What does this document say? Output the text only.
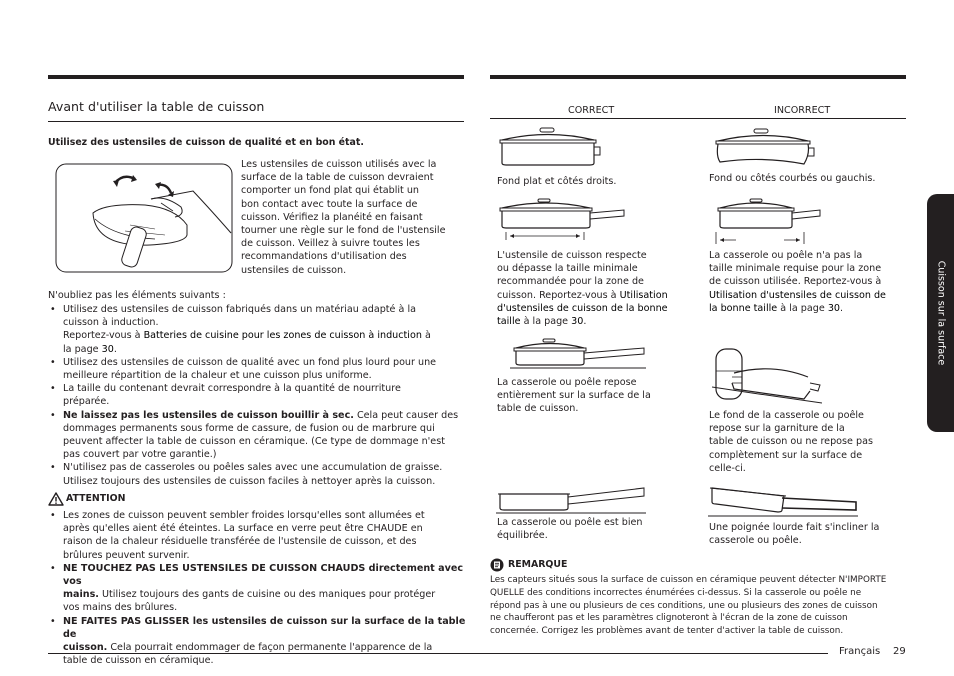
Avant d'utiliser la table de cuisson
Utilisez des ustensiles de cuisson de qualité et en bon état.
Les ustensiles de cuisson utilisés avec la
surface de la table de cuisson devraient
comporter un fond plat qui établit un
bon contact avec toute la surface de
cuisson. Vérifiez la planéité en faisant
tourner une règle sur le fond de l'ustensile
de cuisson. Veillez à suivre toutes les
recommandations d'utilisation des
ustensiles de cuisson.
N'oubliez pas les éléments suivants :
• Utilisez des ustensiles de cuisson fabriqués dans un matériau adapté à la
cuisson à induction.
Reportez-vous à Batteries de cuisine pour les zones de cuisson à induction à
la page 30.
• Utilisez des ustensiles de cuisson de qualité avec un fond plus lourd pour une
meilleure répartition de la chaleur et une cuisson plus uniforme.
• La taille du contenant devrait correspondre à la quantité de nourriture
préparée.
• Ne laissez pas les ustensiles de cuisson bouillir à sec. Cela peut causer des
dommages permanents sous forme de cassure, de fusion ou de marbrure qui
peuvent affecter la table de cuisson en céramique. (Ce type de dommage n'est
pas couvert par votre garantie.)
• N'utilisez pas de casseroles ou poêles sales avec une accumulation de graisse.
Utilisez toujours des ustensiles de cuisson faciles à nettoyer après la cuisson.
ATTENTION
• Les zones de cuisson peuvent sembler froides lorsqu'elles sont allumées et
après qu'elles aient été éteintes. La surface en verre peut être CHAUDE en
raison de la chaleur résiduelle transférée de l'ustensile de cuisson, et des
brûlures peuvent survenir.
• NE TOUCHEZ PAS LES USTENSILES DE CUISSON CHAUDS directement avec vos
mains. Utilisez toujours des gants de cuisine ou des maniques pour protéger
vos mains des brûlures.
• NE FAITES PAS GLISSER les ustensiles de cuisson sur la surface de la table de
cuisson. Cela pourrait endommager de façon permanente l'apparence de la
table de cuisson en céramique.
CORRECT	INCORRECT
Fond plat et côtés droits.	Fond ou côtés courbés ou gauchis.
L'ustensile de cuisson respecte
ou dépasse la taille minimale
recommandée pour la zone de
cuisson. Reportez-vous à Utilisation
d'ustensiles de cuisson de la bonne
taille à la page 30.
La casserole ou poêle n'a pas la
taille minimale requise pour la zone
de cuisson utilisée. Reportez-vous à
Utilisation d'ustensiles de cuisson de
la bonne taille à la page 30.
La casserole ou poêle repose
entièrement sur la surface de la
table de cuisson.
Le fond de la casserole ou poêle
repose sur la garniture de la
table de cuisson ou ne repose pas
complètement sur la surface de
celle-ci.
La casserole ou poêle est bien
équilibrée.
Une poignée lourde fait s'incliner la
casserole ou poêle.
REMARQUE
Les capteurs situés sous la surface de cuisson en céramique peuvent détecter N'IMPORTE
QUELLE des conditions incorrectes énumérées ci-dessus. Si la casserole ou poêle ne
répond pas à une ou plusieurs de ces conditions, une ou plusieurs des zones de cuisson
ne chaufferont pas et les paramètres clignoteront à l'écran de la zone de cuisson
concernée. Corrigez les problèmes avant de tenter d'activer la table de cuisson.
Cuisson sur la surface
Français 29
